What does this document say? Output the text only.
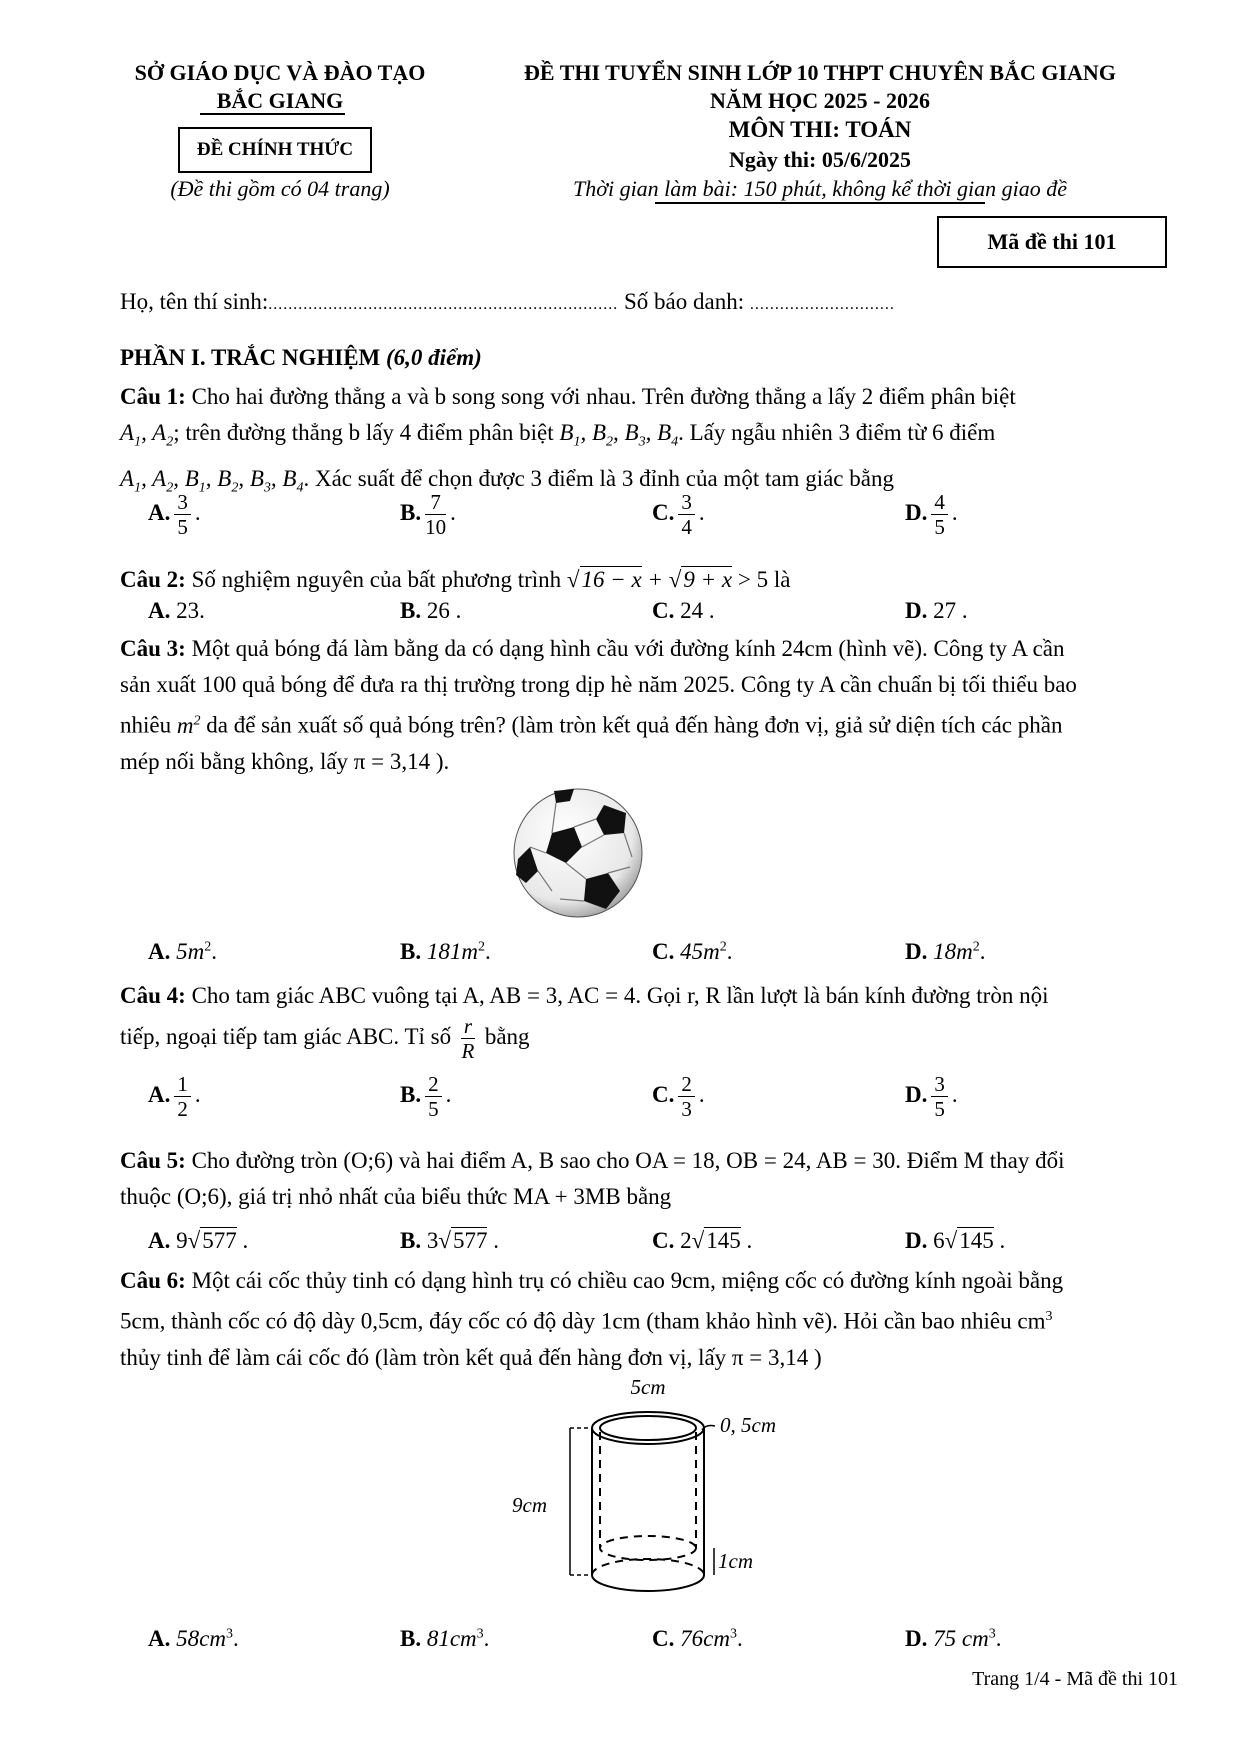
SỞ GIÁO DỤC VÀ ĐÀO TẠO
BẮC GIANG
ĐỀ CHÍNH THỨC
(Đề thi gồm có 04 trang)
ĐỀ THI TUYỂN SINH LỚP 10 THPT CHUYÊN BẮC GIANG
NĂM HỌC 2025 - 2026
MÔN THI: TOÁN
Ngày thi: 05/6/2025
Thời gian làm bài: 150 phút, không kể thời gian giao đề
Mã đề thi 101
Họ, tên thí sinh:...................................................................... Số báo danh: .............................
PHẦN I. TRẮC NGHIỆM (6,0 điểm)
Câu 1: Cho hai đường thẳng a và b song song với nhau. Trên đường thẳng a lấy 2 điểm phân biệt
$A_1$, $A_2$; trên đường thẳng b lấy 4 điểm phân biệt $B_1$, $B_2$, $B_3$, $B_4$. Lấy ngẫu nhiên 3 điểm từ 6 điểm
$A_1$, $A_2$, $B_1$, $B_2$, $B_3$, $B_4$. Xác suất để chọn được 3 điểm là 3 đỉnh của một tam giác bằng
A. $\frac{3}{5}$ .	B. $\frac{7}{10}$ .	C. $\frac{3}{4}$ .	D. $\frac{4}{5}$ .
Câu 2: Số nghiệm nguyên của bất phương trình √16 − x + √9 + x > 5 là
A. 23.	B. 26 .	C. 24 .	D. 27 .
Câu 3: Một quả bóng đá làm bằng da có dạng hình cầu với đường kính 24cm (hình vẽ). Công ty A cần
sản xuất 100 quả bóng để đưa ra thị trường trong dịp hè năm 2025. Công ty A cần chuẩn bị tối thiểu bao
nhiêu $m^2$ da để sản xuất số quả bóng trên? (làm tròn kết quả đến hàng đơn vị, giả sử diện tích các phần
mép nối bằng không, lấy π = 3,14 ).
A. $5m^2$.	B. $181m^2$.	C. $45m^2$.	D. $18m^2$.
Câu 4: Cho tam giác ABC vuông tại A, AB = 3, AC = 4. Gọi r, R lần lượt là bán kính đường tròn nội
tiếp, ngoại tiếp tam giác ABC. Tỉ số $\frac{r}{R}$ bằng
A. $\frac{1}{2}$ .	B. $\frac{2}{5}$ .	C. $\frac{2}{3}$ .	D. $\frac{3}{5}$ .
Câu 5: Cho đường tròn (O;6) và hai điểm A, B sao cho OA = 18, OB = 24, AB = 30. Điểm M thay đổi
thuộc (O;6), giá trị nhỏ nhất của biểu thức MA + 3MB bằng
A. 9√577 .	B. 3√577 .	C. 2√145 .	D. 6√145 .
Câu 6: Một cái cốc thủy tinh có dạng hình trụ có chiều cao 9cm, miệng cốc có đường kính ngoài bằng
5cm, thành cốc có độ dày 0,5cm, đáy cốc có độ dày 1cm (tham khảo hình vẽ). Hỏi cần bao nhiêu $cm^3$
thủy tinh để làm cái cốc đó (làm tròn kết quả đến hàng đơn vị, lấy π = 3,14 )
5cm
0, 5cm
9cm
1cm
A. $58cm^3$.	B. $81cm^3$.	C. $76cm^3$.	D. 75 $cm^3$.
Trang 1/4 - Mã đề thi 101
